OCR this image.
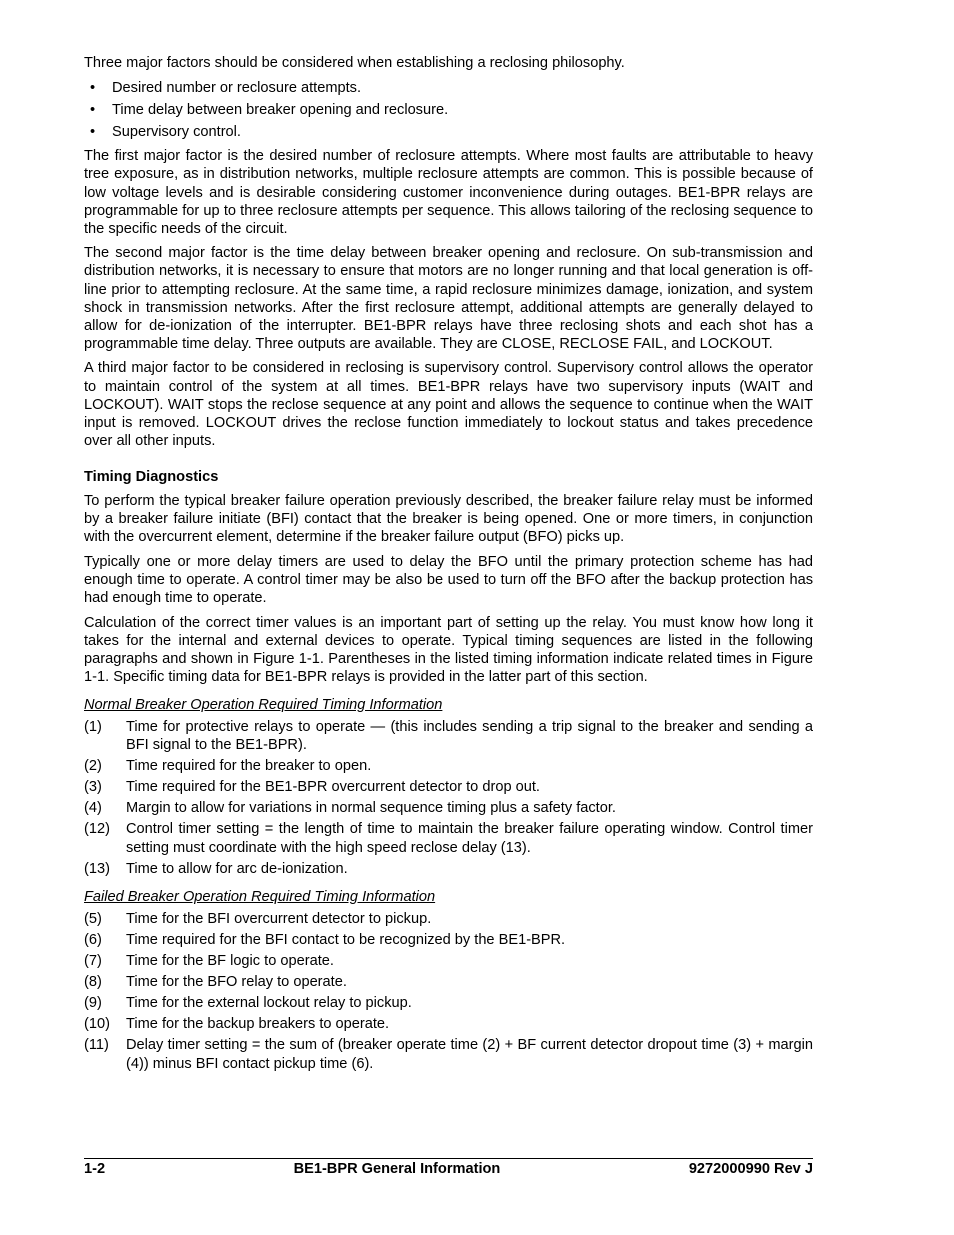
Three major factors should be considered when establishing a reclosing philosophy.

• Desired number or reclosure attempts.
• Time delay between breaker opening and reclosure.
• Supervisory control.

The first major factor is the desired number of reclosure attempts. Where most faults are attributable to heavy tree exposure, as in distribution networks, multiple reclosure attempts are common. This is possible because of low voltage levels and is desirable considering customer inconvenience during outages. BE1-BPR relays are programmable for up to three reclosure attempts per sequence. This allows tailoring of the reclosing sequence to the specific needs of the circuit.

The second major factor is the time delay between breaker opening and reclosure. On sub-transmission and distribution networks, it is necessary to ensure that motors are no longer running and that local generation is off-line prior to attempting reclosure. At the same time, a rapid reclosure minimizes damage, ionization, and system shock in transmission networks. After the first reclosure attempt, additional attempts are generally delayed to allow for de-ionization of the interrupter. BE1-BPR relays have three reclosing shots and each shot has a programmable time delay. Three outputs are available. They are CLOSE, RECLOSE FAIL, and LOCKOUT.

A third major factor to be considered in reclosing is supervisory control. Supervisory control allows the operator to maintain control of the system at all times. BE1-BPR relays have two supervisory inputs (WAIT and LOCKOUT). WAIT stops the reclose sequence at any point and allows the sequence to continue when the WAIT input is removed. LOCKOUT drives the reclose function immediately to lockout status and takes precedence over all other inputs.

Timing Diagnostics

To perform the typical breaker failure operation previously described, the breaker failure relay must be informed by a breaker failure initiate (BFI) contact that the breaker is being opened. One or more timers, in conjunction with the overcurrent element, determine if the breaker failure output (BFO) picks up.

Typically one or more delay timers are used to delay the BFO until the primary protection scheme has had enough time to operate. A control timer may be also be used to turn off the BFO after the backup protection has had enough time to operate.

Calculation of the correct timer values is an important part of setting up the relay. You must know how long it takes for the internal and external devices to operate. Typical timing sequences are listed in the following paragraphs and shown in Figure 1-1. Parentheses in the listed timing information indicate related times in Figure 1-1. Specific timing data for BE1-BPR relays is provided in the latter part of this section.

Normal Breaker Operation Required Timing Information
(1)	Time for protective relays to operate — (this includes sending a trip signal to the breaker and sending a BFI signal to the BE1-BPR).
(2)	Time required for the breaker to open.
(3)	Time required for the BE1-BPR overcurrent detector to drop out.
(4)	Margin to allow for variations in normal sequence timing plus a safety factor.
(12)	Control timer setting = the length of time to maintain the breaker failure operating window. Control timer setting must coordinate with the high speed reclose delay (13).
(13)	Time to allow for arc de-ionization.
Failed Breaker Operation Required Timing Information
(5)	Time for the BFI overcurrent detector to pickup.
(6)	Time required for the BFI contact to be recognized by the BE1-BPR.
(7)	Time for the BF logic to operate.
(8)	Time for the BFO relay to operate.
(9)	Time for the external lockout relay to pickup.
(10)	Time for the backup breakers to operate.
(11)	Delay timer setting = the sum of (breaker operate time (2) + BF current detector dropout time (3) + margin (4)) minus BFI contact pickup time (6).
1-2	BE1-BPR General Information	9272000990 Rev J
